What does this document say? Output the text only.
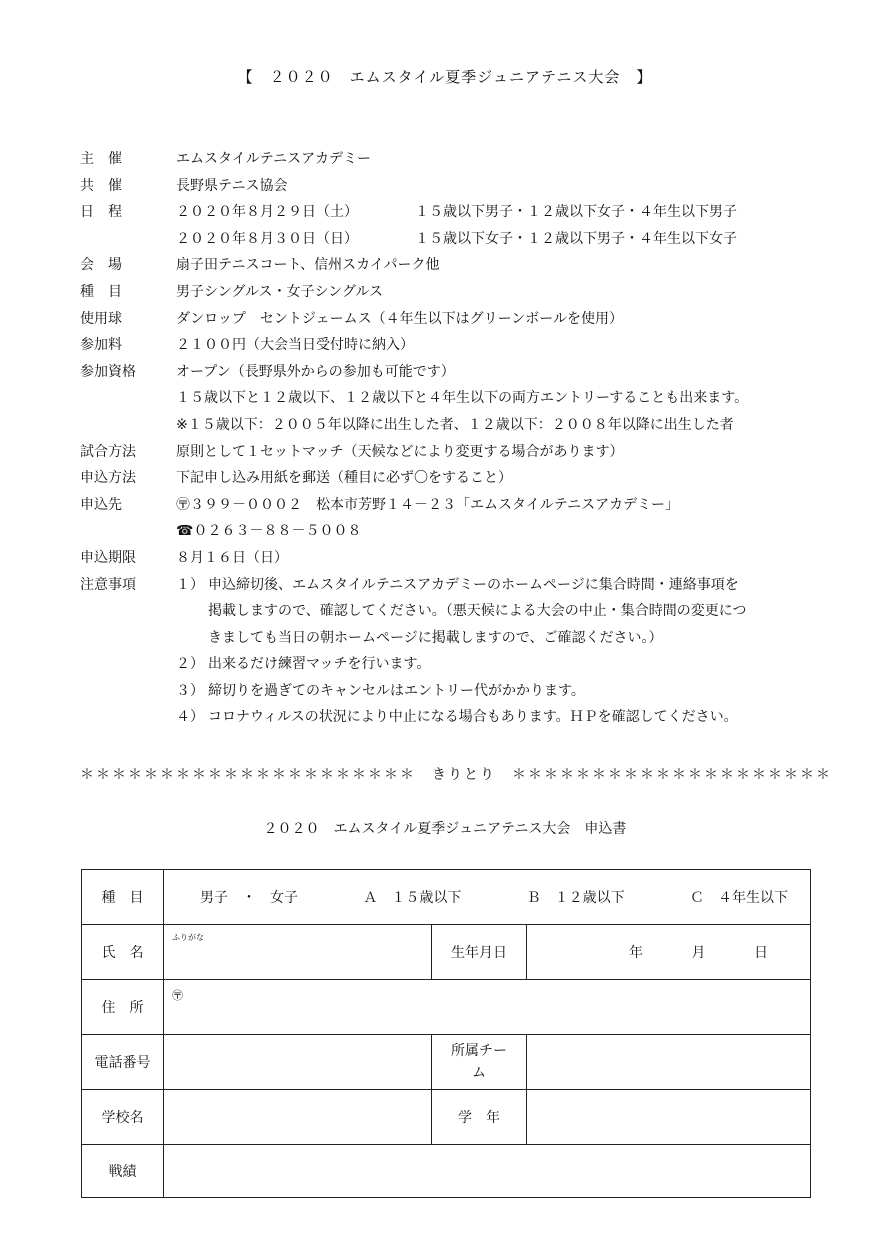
【　２０２０　エムスタイル夏季ジュニアテニス大会　】
主　催	エムスタイルテニスアカデミー
共　催	長野県テニス協会
日　程	２０２０年８月２９日（土）	１５歳以下男子・１２歳以下女子・４年生以下男子
２０２０年８月３０日（日）	１５歳以下女子・１２歳以下男子・４年生以下女子
会　場	扇子田テニスコート、信州スカイパーク他
種　目	男子シングルス・女子シングルス
使用球	ダンロップ　セントジェームス（４年生以下はグリーンボールを使用）
参加料	２１００円（大会当日受付時に納入）
参加資格	オープン（長野県外からの参加も可能です）
１５歳以下と１２歳以下、１２歳以下と４年生以下の両方エントリーすることも出来ます。
※１５歳以下：２００５年以降に出生した者、１２歳以下：２００８年以降に出生した者
試合方法	原則として１セットマッチ（天候などにより変更する場合があります）
申込方法	下記申し込み用紙を郵送（種目に必ず〇をすること）
申込先	〶３９９－０００２　松本市芳野１４－２３「エムスタイルテニスアカデミー」
☎０２６３－８８－５００８
申込期限	８月１６日（日）
注意事項	１） 申込締切後、エムスタイルテニスアカデミーのホームページに集合時間・連絡事項を
掲載しますので、確認してください。（悪天候による大会の中止・集合時間の変更につ
きましても当日の朝ホームページに掲載しますので、ご確認ください。）
２） 出来るだけ練習マッチを行います。
３） 締切りを過ぎてのキャンセルはエントリー代がかかります。
４） コロナウィルスの状況により中止になる場合もあります。ＨＰを確認してください。
＊＊＊＊＊＊＊＊＊＊＊＊＊＊＊＊＊＊＊＊＊　きりとり　＊＊＊＊＊＊＊＊＊＊＊＊＊＊＊＊＊＊＊＊
２０２０　エムスタイル夏季ジュニアテニス大会　申込書
種　目	男子　・　女子 Ａ　１５歳以下 Ｂ　１２歳以下 Ｃ　４年生以下		

氏　名	$^{ふりがな}$	生年月日	年 月 日

住　所	〶
電話番号		所属チー
ム	
学校名		学　年	
戦績			
